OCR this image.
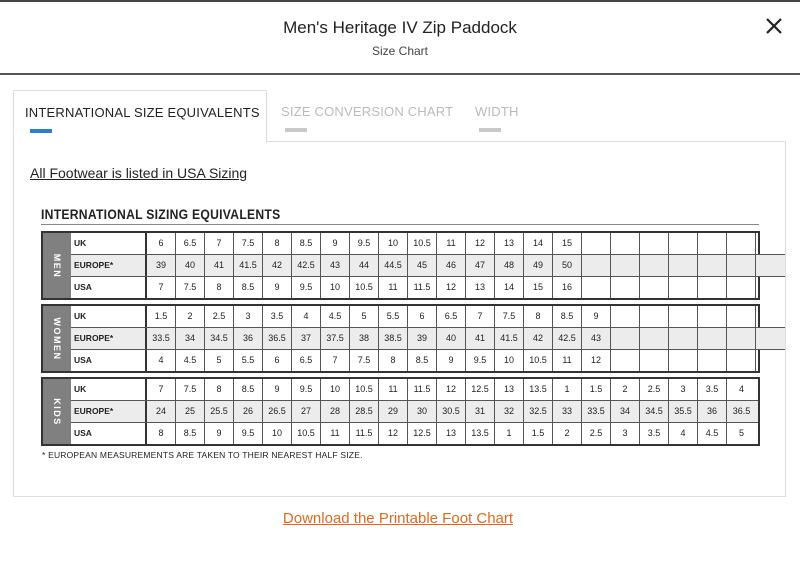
Men's Heritage IV Zip Paddock
Size Chart
INTERNATIONAL SIZE EQUIVALENTS SIZE CONVERSION CHART WIDTH
All Footwear is listed in USA Sizing
INTERNATIONAL SIZING EQUIVALENTS
MEN
UK	6	6.5	7	7.5	8	8.5	9	9.5	10	10.5	11	12	13	14	15
EUROPE*	39	40	41	41.5	42	42.5	43	44	44.5	45	46	47	48	49	50
USA	7	7.5	8	8.5	9	9.5	10	10.5	11	11.5	12	13	14	15	16
WOMEN
UK	1.5	2	2.5	3	3.5	4	4.5	5	5.5	6	6.5	7	7.5	8	8.5	9
EUROPE*	33.5	34	34.5	36	36.5	37	37.5	38	38.5	39	40	41	41.5	42	42.5	43
USA	4	4.5	5	5.5	6	6.5	7	7.5	8	8.5	9	9.5	10	10.5	11	12
KIDS
UK	7	7.5	8	8.5	9	9.5	10	10.5	11	11.5	12	12.5	13	13.5	1	1.5	2	2.5	3	3.5	4
EUROPE*	24	25	25.5	26	26.5	27	28	28.5	29	30	30.5	31	32	32.5	33	33.5	34	34.5	35.5	36	36.5
USA	8	8.5	9	9.5	10	10.5	11	11.5	12	12.5	13	13.5	1	1.5	2	2.5	3	3.5	4	4.5	5
* EUROPEAN MEASUREMENTS ARE TAKEN TO THEIR NEAREST HALF SIZE.
Download the Printable Foot Chart
